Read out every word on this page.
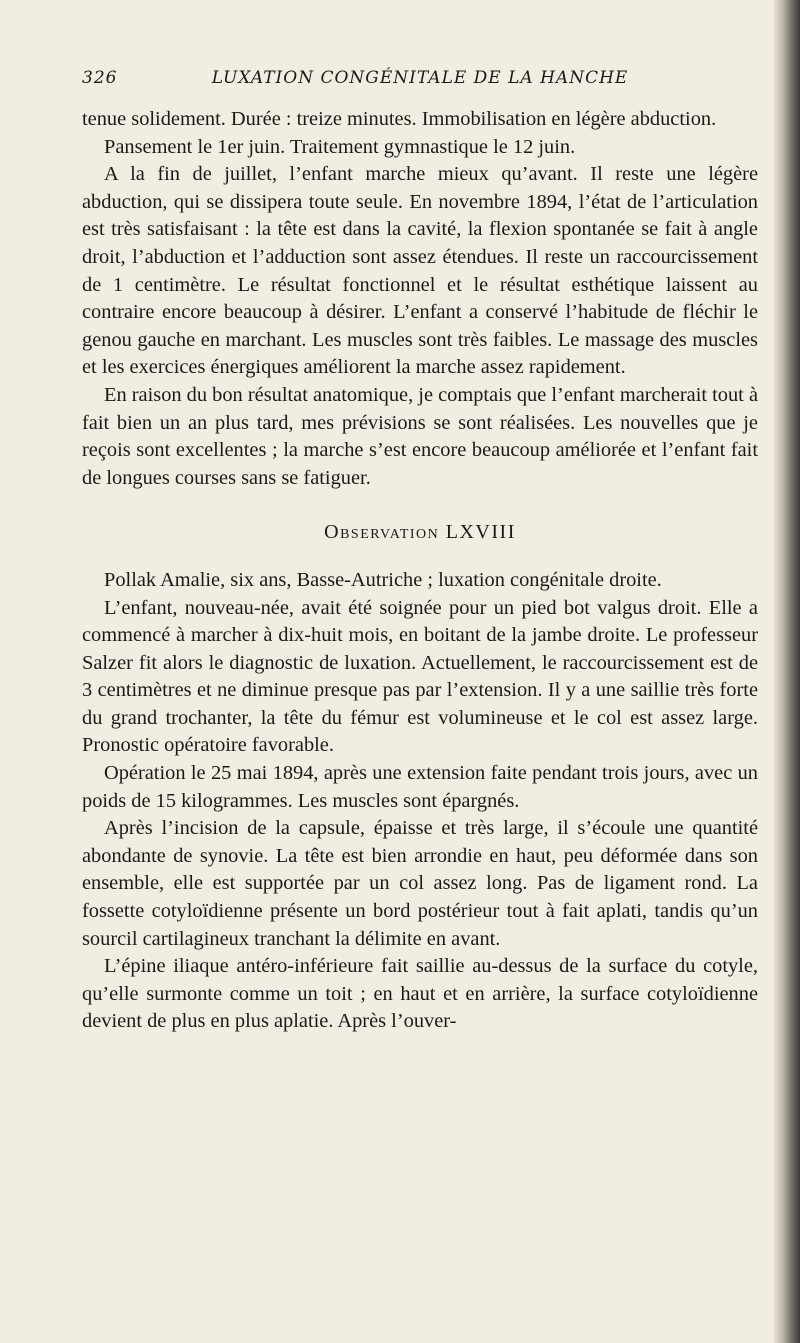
326	LUXATION CONGÉNITALE DE LA HANCHE

tenue solidement. Durée : treize minutes. Immobilisation en légère abduction.

Pansement le 1er juin. Traitement gymnastique le 12 juin.

A la fin de juillet, l’enfant marche mieux qu’avant. Il reste une légère abduction, qui se dissipera toute seule. En novembre 1894, l’état de l’articulation est très satisfaisant : la tête est dans la cavité, la flexion spontanée se fait à angle droit, l’abduction et l’adduction sont assez étendues. Il reste un raccourcissement de 1 centimètre. Le résultat fonctionnel et le résultat esthétique laissent au contraire encore beaucoup à désirer. L’enfant a conservé l’habitude de fléchir le genou gauche en marchant. Les muscles sont très faibles. Le massage des muscles et les exercices énergiques améliorent la marche assez rapidement.

En raison du bon résultat anatomique, je comptais que l’enfant marcherait tout à fait bien un an plus tard, mes prévisions se sont réalisées. Les nouvelles que je reçois sont excellentes ; la marche s’est encore beaucoup améliorée et l’enfant fait de longues courses sans se fatiguer.

Observation LXVIII

Pollak Amalie, six ans, Basse-Autriche ; luxation congénitale droite.

L’enfant, nouveau-née, avait été soignée pour un pied bot valgus droit. Elle a commencé à marcher à dix-huit mois, en boitant de la jambe droite. Le professeur Salzer fit alors le diagnostic de luxation. Actuellement, le raccourcissement est de 3 centimètres et ne diminue presque pas par l’extension. Il y a une saillie très forte du grand trochanter, la tête du fémur est volumineuse et le col est assez large. Pronostic opératoire favorable.

Opération le 25 mai 1894, après une extension faite pendant trois jours, avec un poids de 15 kilogrammes. Les muscles sont épargnés.

Après l’incision de la capsule, épaisse et très large, il s’écoule une quantité abondante de synovie. La tête est bien arrondie en haut, peu déformée dans son ensemble, elle est supportée par un col assez long. Pas de ligament rond. La fossette cotyloïdienne présente un bord postérieur tout à fait aplati, tandis qu’un sourcil cartilagineux tranchant la délimite en avant.

L’épine iliaque antéro-inférieure fait saillie au-dessus de la surface du cotyle, qu’elle surmonte comme un toit ; en haut et en arrière, la surface cotyloïdienne devient de plus en plus aplatie. Après l’ouver-
